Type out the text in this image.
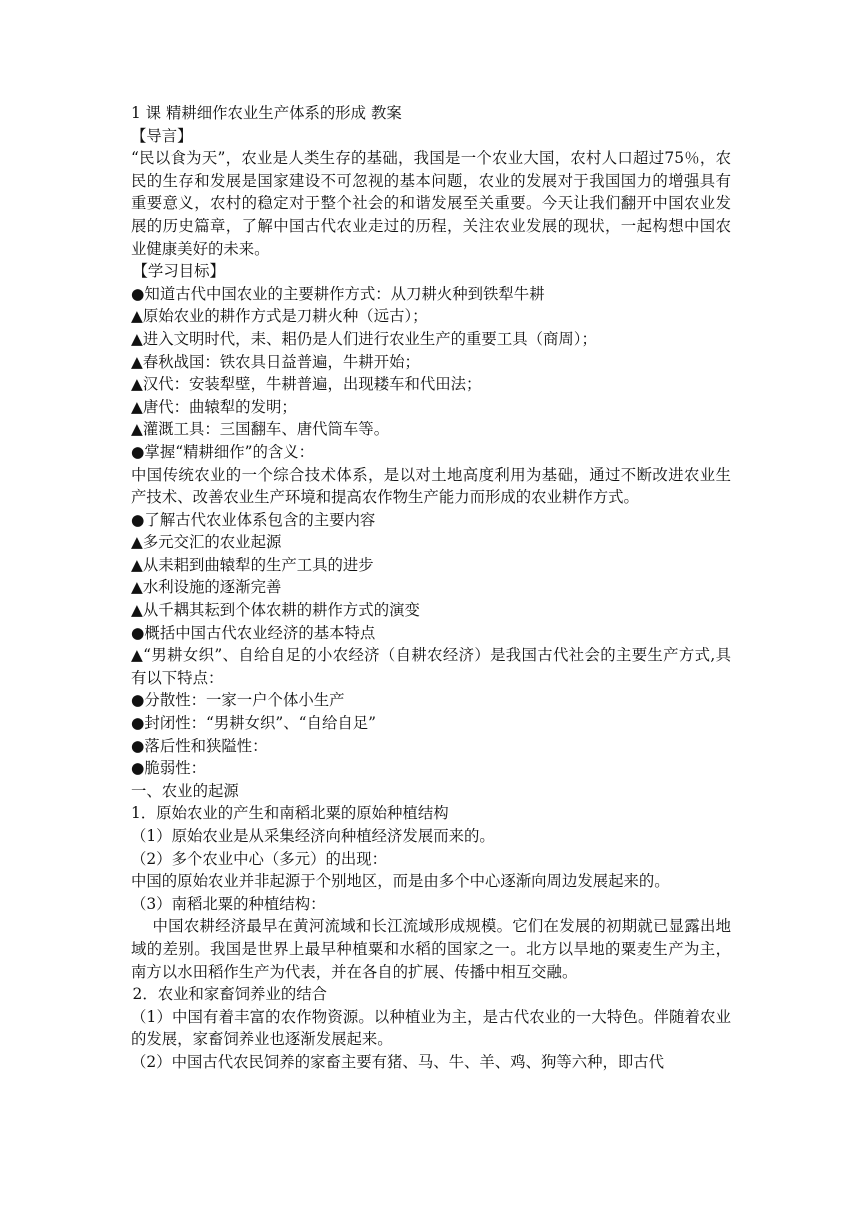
1 课 精耕细作农业生产体系的形成 教案
【导言】
“民以食为天”，农业是人类生存的基础，我国是一个农业大国，农村人口超过75％，农民的生存和发展是国家建设不可忽视的基本问题，农业的发展对于我国国力的增强具有重要意义，农村的稳定对于整个社会的和谐发展至关重要。今天让我们翻开中国农业发展的历史篇章，了解中国古代农业走过的历程，关注农业发展的现状，一起构想中国农业健康美好的未来。
【学习目标】
●知道古代中国农业的主要耕作方式：从刀耕火种到铁犁牛耕
▲原始农业的耕作方式是刀耕火种（远古）；
▲进入文明时代，耒、耜仍是人们进行农业生产的重要工具（商周）；
▲春秋战国：铁农具日益普遍，牛耕开始；
▲汉代：安装犁壁，牛耕普遍，出现耧车和代田法；
▲唐代：曲辕犁的发明；
▲灌溉工具：三国翻车、唐代筒车等。
●掌握“精耕细作”的含义：
中国传统农业的一个综合技术体系，是以对土地高度利用为基础，通过不断改进农业生产技术、改善农业生产环境和提高农作物生产能力而形成的农业耕作方式。
●了解古代农业体系包含的主要内容
▲多元交汇的农业起源
▲从耒耜到曲辕犁的生产工具的进步
▲水利设施的逐渐完善
▲从千耦其耘到个体农耕的耕作方式的演变
●概括中国古代农业经济的基本特点
▲“男耕女织”、自给自足的小农经济（自耕农经济）是我国古代社会的主要生产方式,具有以下特点：
●分散性：一家一户个体小生产
●封闭性：“男耕女织”、“自给自足”
●落后性和狭隘性：
●脆弱性：
一、农业的起源
1．原始农业的产生和南稻北粟的原始种植结构
（1）原始农业是从采集经济向种植经济发展而来的。
（2）多个农业中心（多元）的出现：
中国的原始农业并非起源于个别地区，而是由多个中心逐渐向周边发展起来的。
（3）南稻北粟的种植结构：
中国农耕经济最早在黄河流域和长江流域形成规模。它们在发展的初期就已显露出地域的差别。我国是世界上最早种植粟和水稻的国家之一。北方以旱地的粟麦生产为主，南方以水田稻作生产为代表，并在各自的扩展、传播中相互交融。
2．农业和家畜饲养业的结合
（1）中国有着丰富的农作物资源。以种植业为主，是古代农业的一大特色。伴随着农业的发展，家畜饲养业也逐渐发展起来。
（2）中国古代农民饲养的家畜主要有猪、马、牛、羊、鸡、狗等六种，即古代
